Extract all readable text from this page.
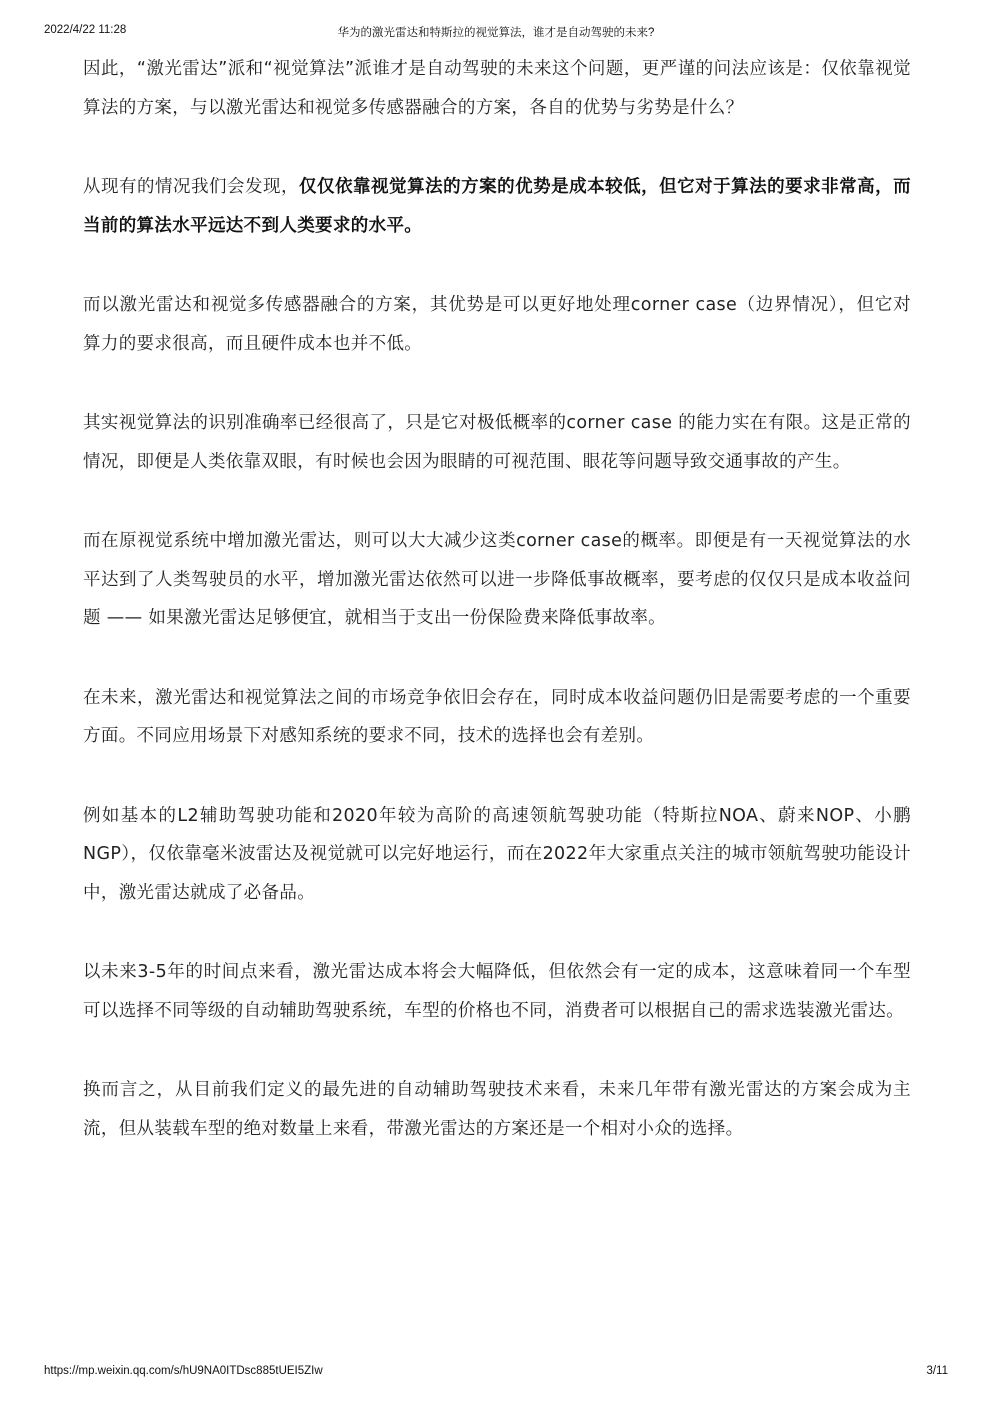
2022/4/22 11:28	华为的激光雷达和特斯拉的视觉算法，谁才是自动驾驶的未来?

因此，“激光雷达”派和“视觉算法”派谁才是自动驾驶的未来这个问题，更严谨的问法应该是：仅依靠视觉算法的方案，与以激光雷达和视觉多传感器融合的方案，各自的优势与劣势是什么？

从现有的情况我们会发现，仅仅依靠视觉算法的方案的优势是成本较低，但它对于算法的要求非常高，而当前的算法水平远达不到人类要求的水平。

而以激光雷达和视觉多传感器融合的方案，其优势是可以更好地处理corner case（边界情况），但它对算力的要求很高，而且硬件成本也并不低。

其实视觉算法的识别准确率已经很高了，只是它对极低概率的corner case 的能力实在有限。这是正常的情况，即便是人类依靠双眼，有时候也会因为眼睛的可视范围、眼花等问题导致交通事故的产生。

而在原视觉系统中增加激光雷达，则可以大大减少这类corner case的概率。即便是有一天视觉算法的水平达到了人类驾驶员的水平，增加激光雷达依然可以进一步降低事故概率，要考虑的仅仅只是成本收益问题 —— 如果激光雷达足够便宜，就相当于支出一份保险费来降低事故率。

在未来，激光雷达和视觉算法之间的市场竞争依旧会存在，同时成本收益问题仍旧是需要考虑的一个重要方面。不同应用场景下对感知系统的要求不同，技术的选择也会有差别。

例如基本的L2辅助驾驶功能和2020年较为高阶的高速领航驾驶功能（特斯拉NOA、蔚来NOP、小鹏NGP），仅依靠毫米波雷达及视觉就可以完好地运行，而在2022年大家重点关注的城市领航驾驶功能设计中，激光雷达就成了必备品。

以未来3-5年的时间点来看，激光雷达成本将会大幅降低，但依然会有一定的成本，这意味着同一个车型可以选择不同等级的自动辅助驾驶系统，车型的价格也不同，消费者可以根据自己的需求选装激光雷达。

换而言之，从目前我们定义的最先进的自动辅助驾驶技术来看，未来几年带有激光雷达的方案会成为主流，但从装载车型的绝对数量上来看，带激光雷达的方案还是一个相对小众的选择。

https://mp.weixin.qq.com/s/hU9NA0ITDsc885tUEI5ZIw	3/11
